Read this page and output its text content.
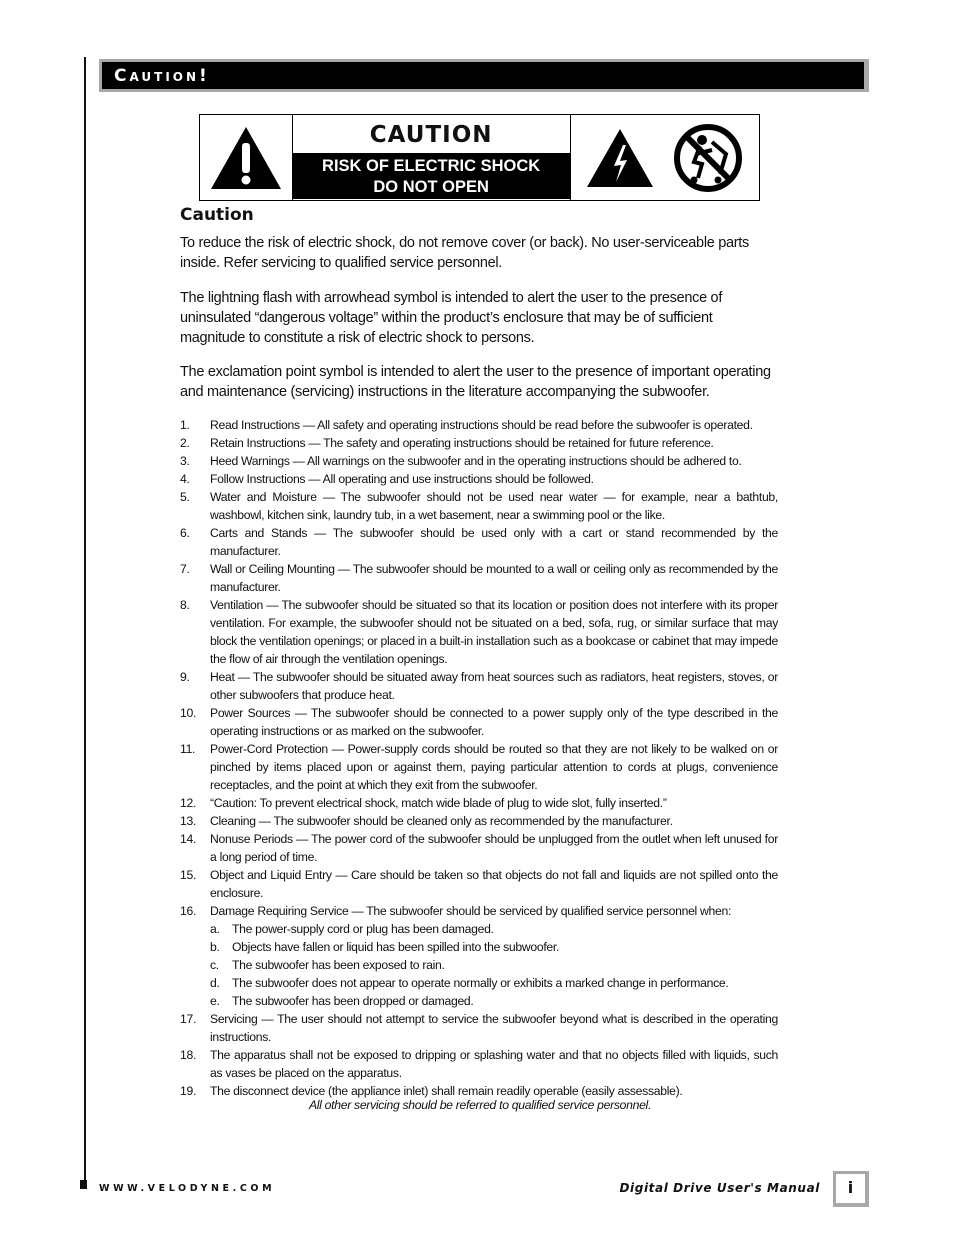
Caution!
CAUTION
RISK OF ELECTRIC SHOCK
DO NOT OPEN
Caution

To reduce the risk of electric shock, do not remove cover (or back). No user-serviceable parts inside. Refer servicing to qualified service personnel.

The lightning flash with arrowhead symbol is intended to alert the user to the presence of uninsulated “dangerous voltage” within the product’s enclosure that may be of sufficient magnitude to constitute a risk of electric shock to persons.

The exclamation point symbol is intended to alert the user to the presence of important operating and maintenance (servicing) instructions in the literature accompanying the subwoofer.

1. Read Instructions — All safety and operating instructions should be read before the subwoofer is operated.
2. Retain Instructions — The safety and operating instructions should be retained for future reference.
3. Heed Warnings — All warnings on the subwoofer and in the operating instructions should be adhered to.
4. Follow Instructions — All operating and use instructions should be followed.
5. Water and Moisture — The subwoofer should not be used near water — for example, near a bathtub, washbowl, kitchen sink, laundry tub, in a wet basement, near a swimming pool or the like.
6. Carts and Stands — The subwoofer should be used only with a cart or stand recommended by the manufacturer.
7. Wall or Ceiling Mounting — The subwoofer should be mounted to a wall or ceiling only as recommended by the manufacturer.
8. Ventilation — The subwoofer should be situated so that its location or position does not interfere with its proper ventilation. For example, the subwoofer should not be situated on a bed, sofa, rug, or similar surface that may block the ventilation openings; or placed in a built-in installation such as a bookcase or cabinet that may impede the flow of air through the ventilation openings.
9. Heat — The subwoofer should be situated away from heat sources such as radiators, heat registers, stoves, or other subwoofers that produce heat.
10. Power Sources — The subwoofer should be connected to a power supply only of the type described in the operating instructions or as marked on the subwoofer.
11. Power-Cord Protection — Power-supply cords should be routed so that they are not likely to be walked on or pinched by items placed upon or against them, paying particular attention to cords at plugs, convenience receptacles, and the point at which they exit from the subwoofer.
12. “Caution: To prevent electrical shock, match wide blade of plug to wide slot, fully inserted.”
13. Cleaning — The subwoofer should be cleaned only as recommended by the manufacturer.
14. Nonuse Periods — The power cord of the subwoofer should be unplugged from the outlet when left unused for a long period of time.
15. Object and Liquid Entry — Care should be taken so that objects do not fall and liquids are not spilled onto the enclosure.
16. Damage Requiring Service — The subwoofer should be serviced by qualified service personnel when:
a. The power-supply cord or plug has been damaged.
b. Objects have fallen or liquid has been spilled into the subwoofer.
c. The subwoofer has been exposed to rain.
d. The subwoofer does not appear to operate normally or exhibits a marked change in performance.
e. The subwoofer has been dropped or damaged.
17. Servicing — The user should not attempt to service the subwoofer beyond what is described in the operating instructions.
18. The apparatus shall not be exposed to dripping or splashing water and that no objects filled with liquids, such as vases be placed on the apparatus.
19. The disconnect device (the appliance inlet) shall remain readily operable (easily assessable).
All other servicing should be referred to qualified service personnel.
WWW.VELODYNE.COM	Digital Drive User's Manual	i
